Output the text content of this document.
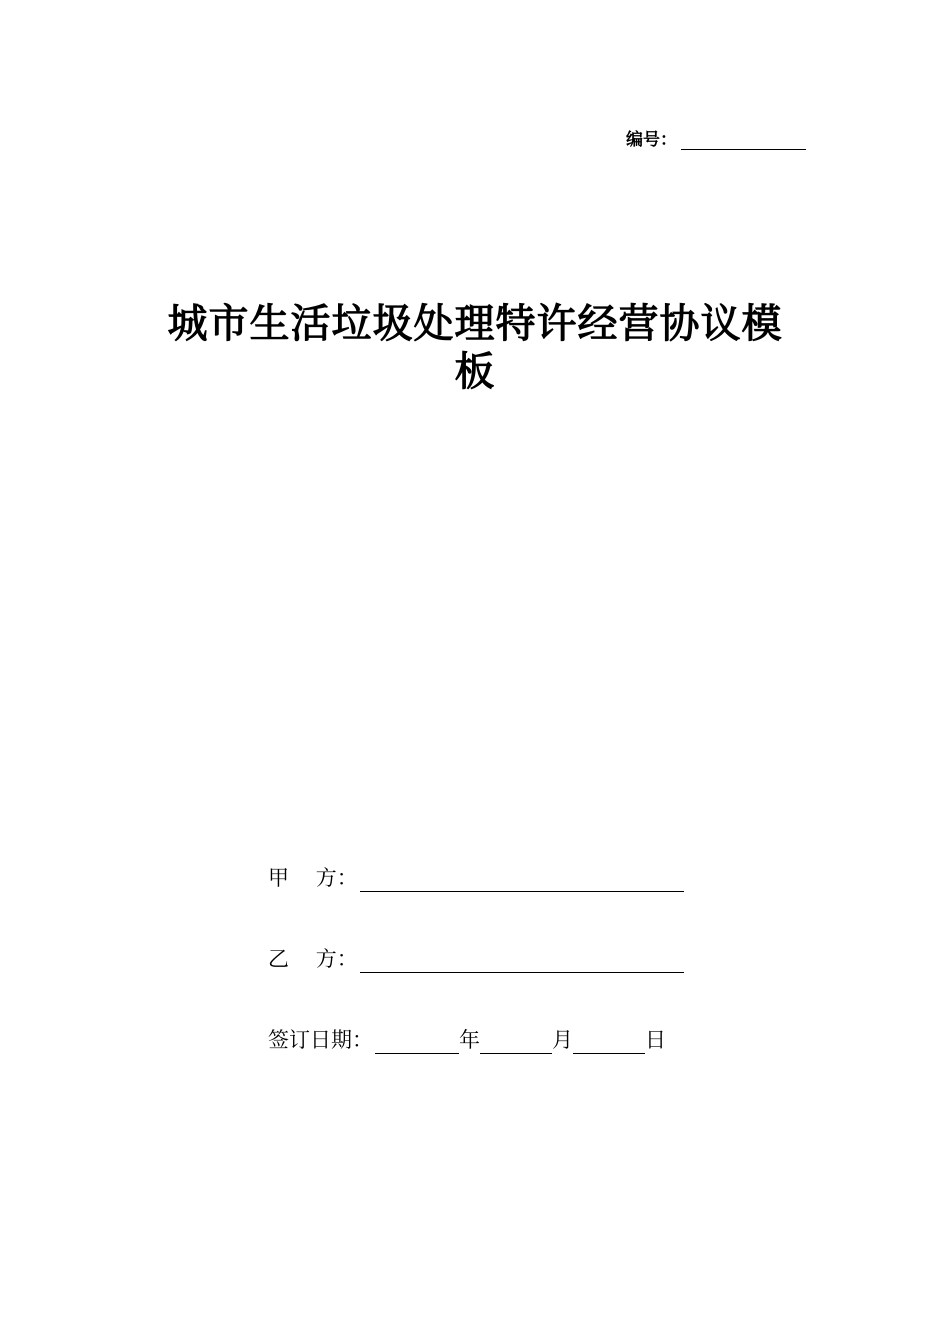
编号 ：
城市生活垃圾处理特许经营协议模板
甲    方：
乙    方：
签订日期：	年	月	日
